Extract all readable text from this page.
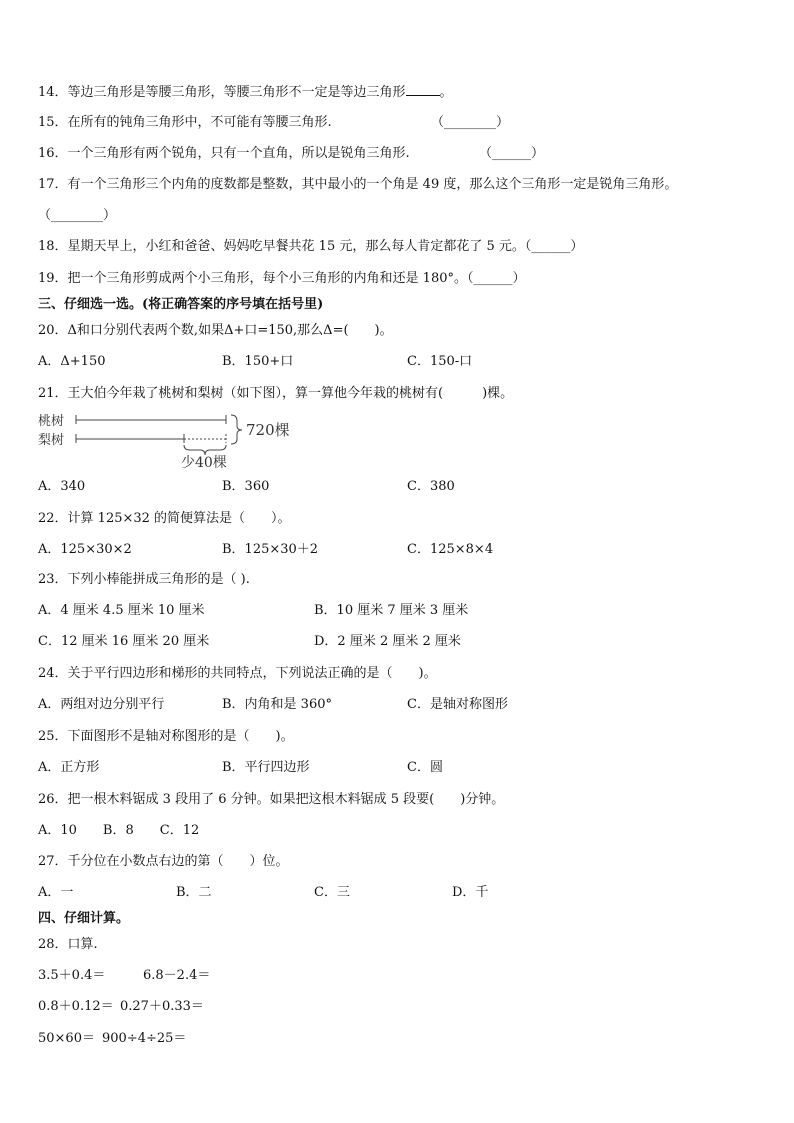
14．等边三角形是等腰三角形，等腰三角形不一定是等边三角形	。
15．在所有的钝角三角形中，不可能有等腰三角形.	（________）
16．一个三角形有两个锐角，只有一个直角，所以是锐角三角形.	（______）
17．有一个三角形三个内角的度数都是整数，其中最小的一个角是 49 度，那么这个三角形一定是锐角三角形。
（________）
18．星期天早上，小红和爸爸、妈妈吃早餐共花 15 元，那么每人肯定都花了 5 元。（______）
19．把一个三角形剪成两个小三角形，每个小三角形的内角和还是 180°。（______）
三、仔细选一选。(将正确答案的序号填在括号里)
20．Δ和口分别代表两个数,如果Δ+口=150,那么Δ=(　　)。
A．Δ+150	B．150+口	C．150-口
21．王大伯今年栽了桃树和梨树（如下图），算一算他今年栽的桃树有(　　　)棵。
桃树
梨树
720棵
少40棵
A．340	B．360	C．380
22．计算 125×32 的简便算法是（　　）。
A．125×30×2	B．125×30＋2	C．125×8×4
23．下列小棒能拼成三角形的是（ ).
A．4 厘米 4.5 厘米 10 厘米	B．10 厘米 7 厘米 3 厘米
C．12 厘米 16 厘米 20 厘米	D．2 厘米 2 厘米 2 厘米
24．关于平行四边形和梯形的共同特点，下列说法正确的是（　　)。
A．两组对边分别平行	B．内角和是 360°	C．是轴对称图形
25．下面图形不是轴对称图形的是（　　)。
A．正方形	B．平行四边形	C．圆
26．把一根木料锯成 3 段用了 6 分钟。如果把这根木料锯成 5 段要(　　)分钟。
A．10　　B．8　　C．12
27．千分位在小数点右边的第（　　）位。
A．一	B．二	C．三	D．千
四、仔细计算。
28．口算.
3.5＋0.4＝	6.8－2.4＝
0.8＋0.12＝ 0.27＋0.33＝
50×60＝ 900÷4÷25＝
